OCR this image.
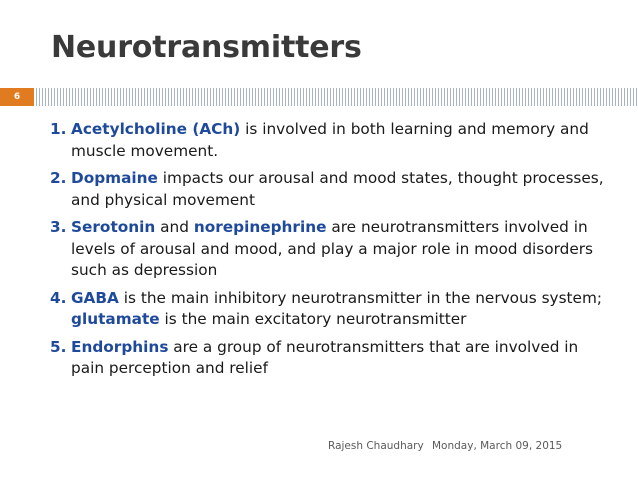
Neurotransmitters
6
1. Acetylcholine (ACh) is involved in both learning and memory and muscle movement.
2. Dopmaine impacts our arousal and mood states, thought processes, and physical movement
3. Serotonin and norepinephrine are neurotransmitters involved in levels of arousal and mood, and play a major role in mood disorders such as depression
4. GABA is the main inhibitory neurotransmitter in the nervous system; glutamate is the main excitatory neurotransmitter
5. Endorphins are a group of neurotransmitters that are involved in pain perception and relief
Rajesh Chaudhary Monday, March 09, 2015
